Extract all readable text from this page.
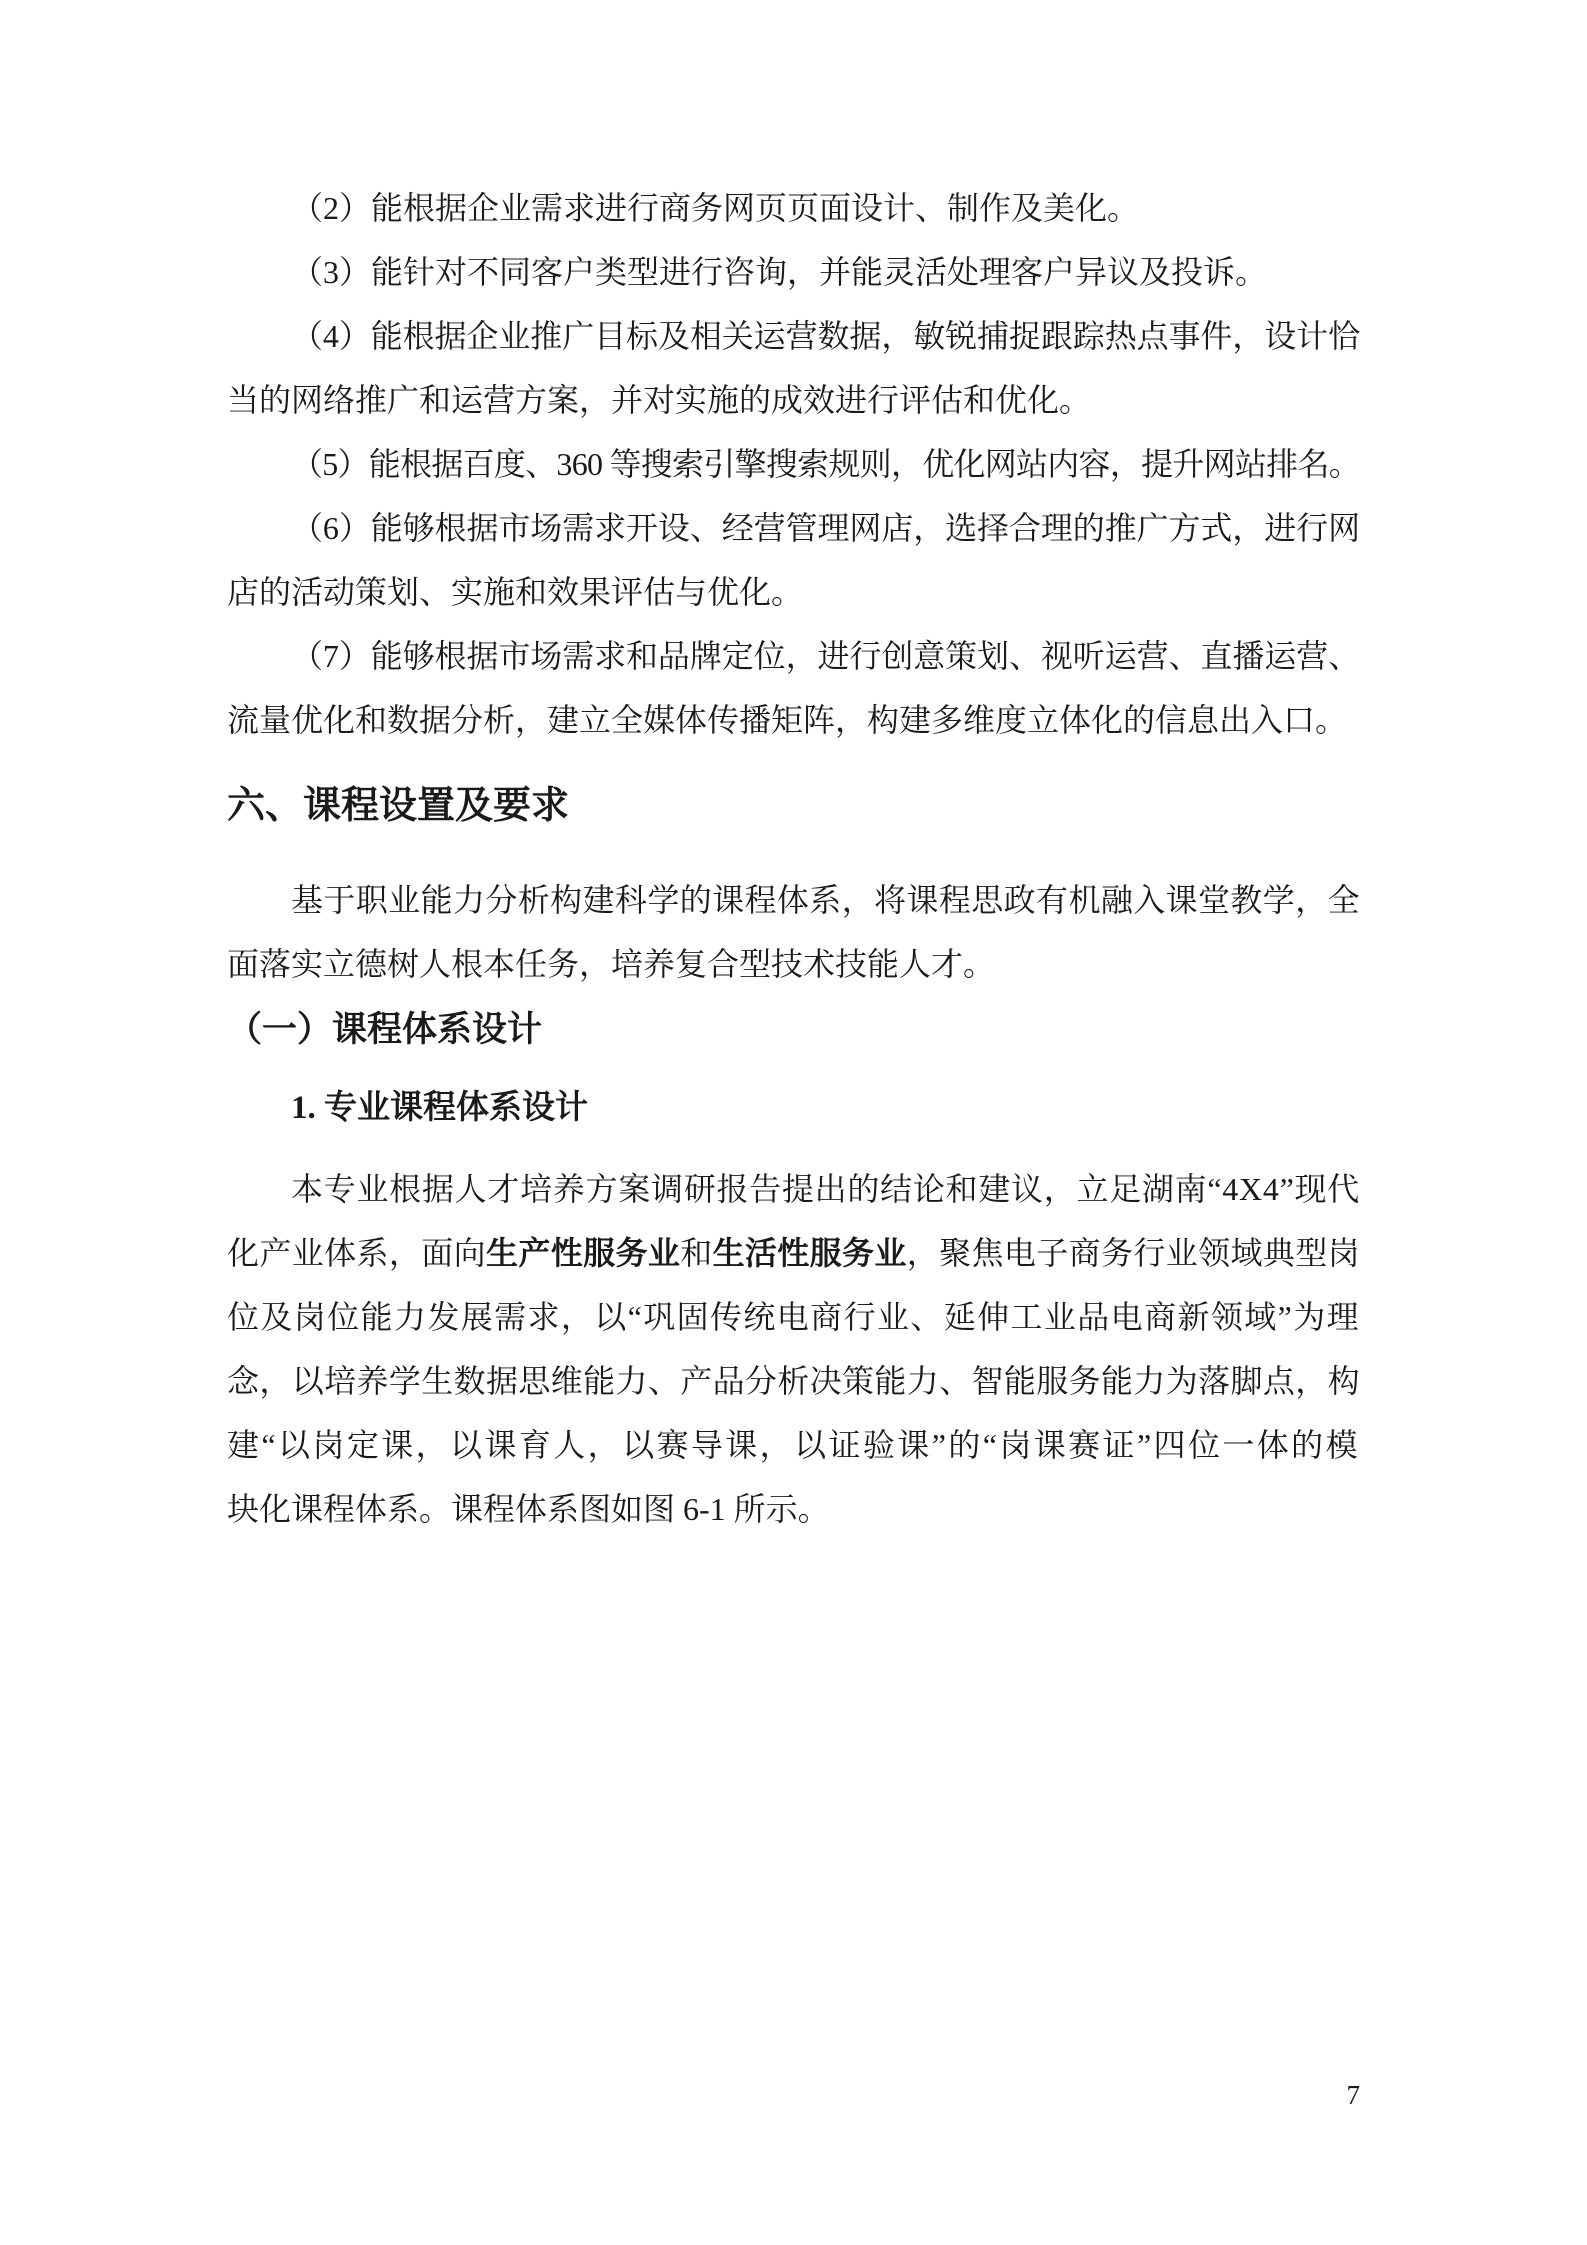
（2）能根据企业需求进行商务网页页面设计、制作及美化。
（3）能针对不同客户类型进行咨询，并能灵活处理客户异议及投诉。
（4）能根据企业推广目标及相关运营数据，敏锐捕捉跟踪热点事件，设计恰
当的网络推广和运营方案，并对实施的成效进行评估和优化。
（5）能根据百度、360 等搜索引擎搜索规则，优化网站内容，提升网站排名。
（6）能够根据市场需求开设、经营管理网店，选择合理的推广方式，进行网
店的活动策划、实施和效果评估与优化。
（7）能够根据市场需求和品牌定位，进行创意策划、视听运营、直播运营、
流量优化和数据分析，建立全媒体传播矩阵，构建多维度立体化的信息出入口。
六、课程设置及要求
基于职业能力分析构建科学的课程体系，将课程思政有机融入课堂教学，全
面落实立德树人根本任务，培养复合型技术技能人才。
（一）课程体系设计
1. 专业课程体系设计
本专业根据人才培养方案调研报告提出的结论和建议，立足湖南“4X4”现代
化产业体系，面向生产性服务业和生活性服务业，聚焦电子商务行业领域典型岗
位及岗位能力发展需求，以“巩固传统电商行业、延伸工业品电商新领域”为理
念，以培养学生数据思维能力、产品分析决策能力、智能服务能力为落脚点，构
建“以岗定课，以课育人，以赛导课，以证验课”的“岗课赛证”四位一体的模
块化课程体系。课程体系图如图 6-1 所示。
7
